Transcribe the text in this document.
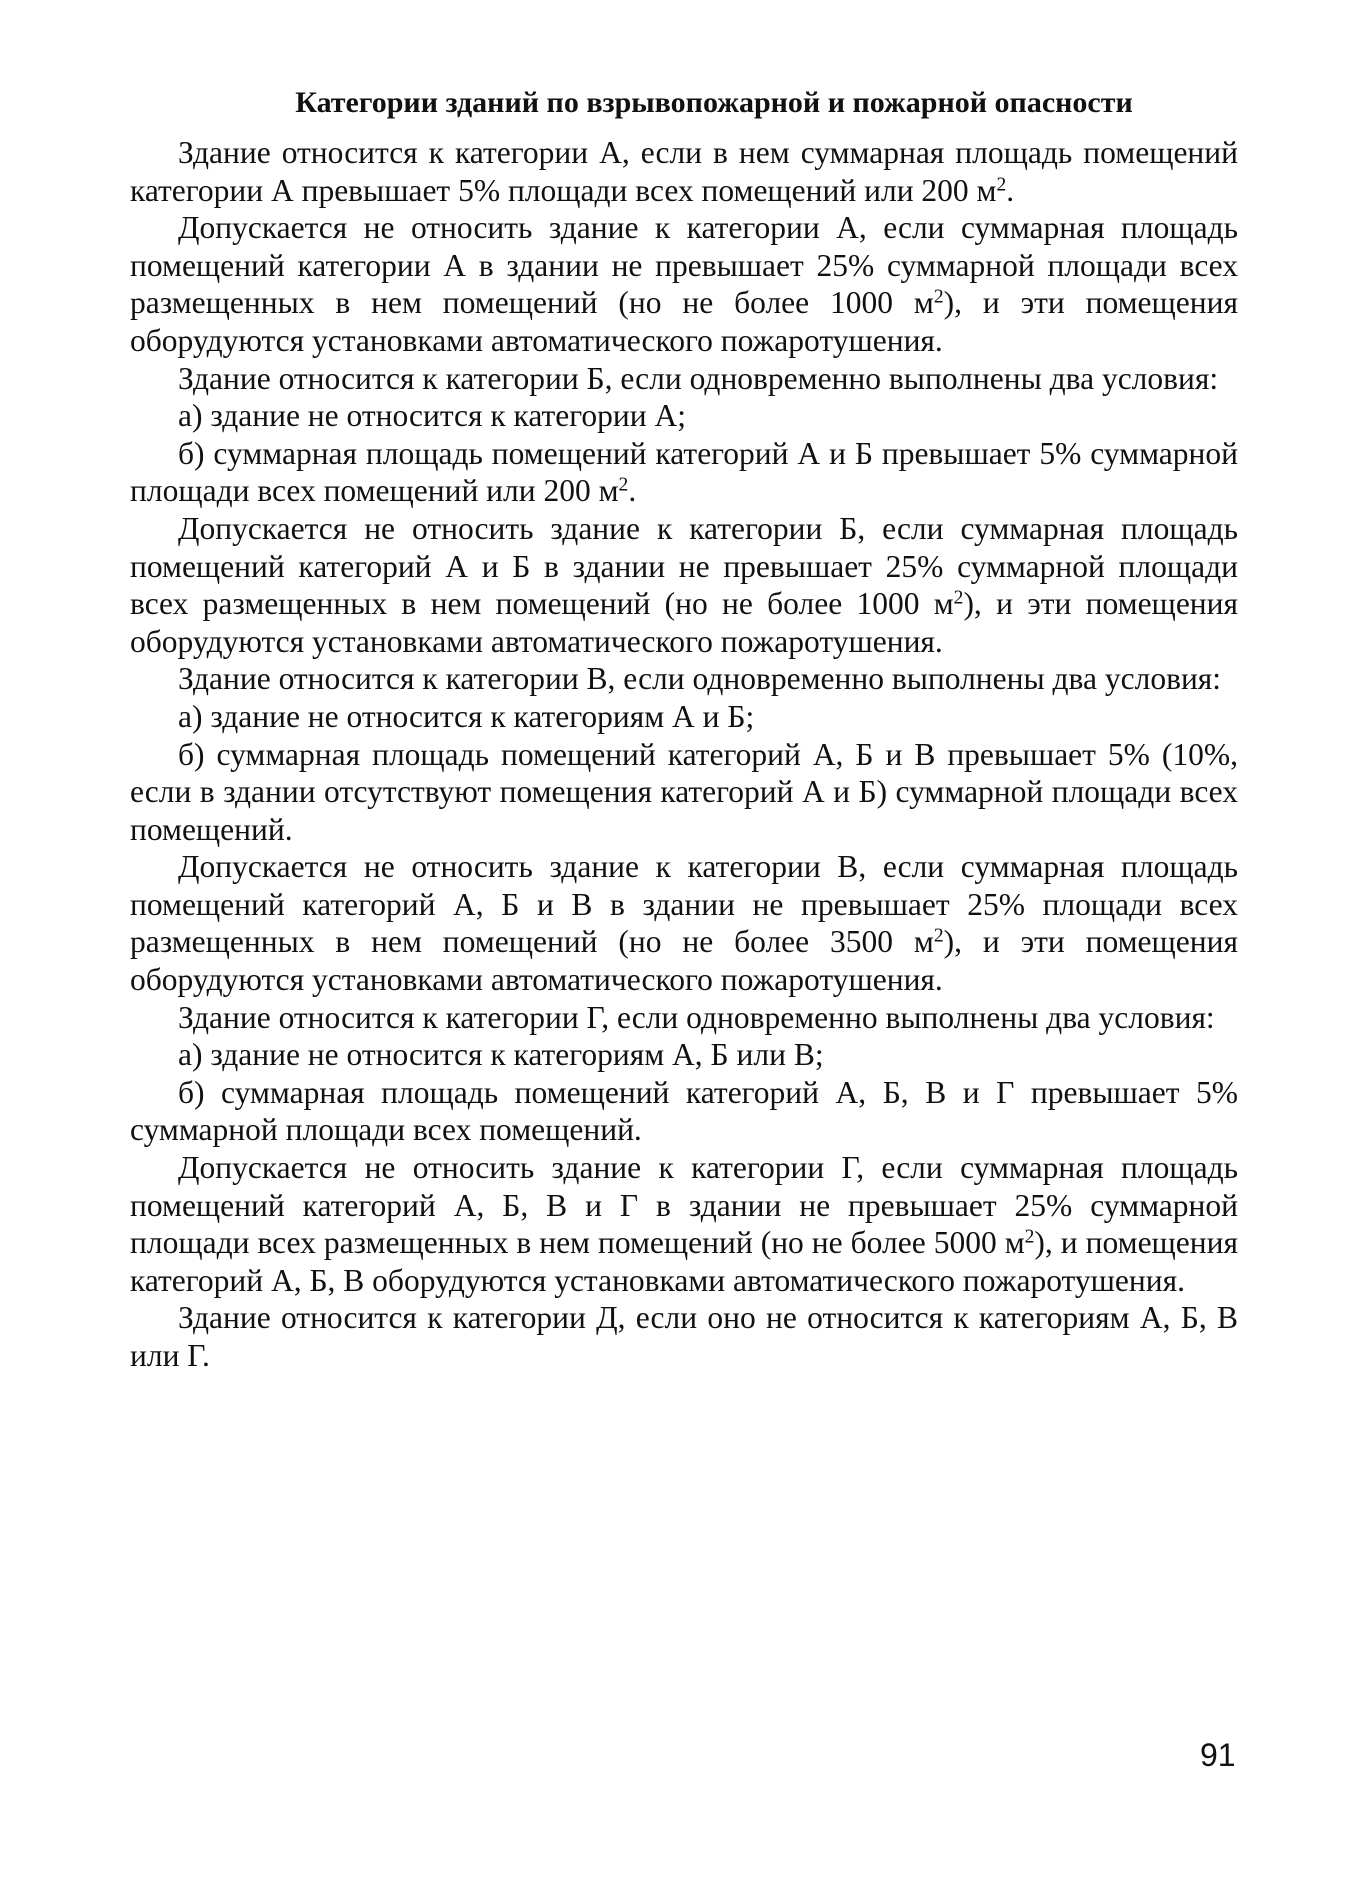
Категории зданий по взрывопожарной и пожарной опасности
Здание относится к категории А, если в нем суммарная площадь помещений категории А превышает 5% площади всех помещений или 200 $м^2$.
Допускается не относить здание к категории А, если суммарная площадь помещений категории А в здании не превышает 25% суммарной площади всех размещенных в нем помещений (но не более 1000 $м^2$), и эти помещения оборудуются установками автоматического пожаротушения.
Здание относится к категории Б, если одновременно выполнены два условия:
а) здание не относится к категории А;
б) суммарная площадь помещений категорий А и Б превышает 5% суммарной площади всех помещений или 200 $м^2$.
Допускается не относить здание к категории Б, если суммарная площадь помещений категорий А и Б в здании не превышает 25% суммарной площади всех размещенных в нем помещений (но не более 1000 $м^2$), и эти помещения оборудуются установками автоматического пожаротушения.
Здание относится к категории В, если одновременно выполнены два условия:
а) здание не относится к категориям А и Б;
б) суммарная площадь помещений категорий А, Б и В превышает 5% (10%, если в здании отсутствуют помещения категорий А и Б) суммарной площади всех помещений.
Допускается не относить здание к категории В, если суммарная площадь помещений категорий А, Б и В в здании не превышает 25% площади всех размещенных в нем помещений (но не более 3500 $м^2$), и эти помещения оборудуются установками автоматического пожаротушения.
Здание относится к категории Г, если одновременно выполнены два условия:
а) здание не относится к категориям А, Б или В;
б) суммарная площадь помещений категорий А, Б, В и Г превышает 5% суммарной площади всех помещений.
Допускается не относить здание к категории Г, если суммарная площадь помещений категорий А, Б, В и Г в здании не превышает 25% суммарной площади всех размещенных в нем помещений (но не более 5000 $м^2$), и помещения категорий А, Б, В оборудуются установками автоматического пожаротушения.
Здание относится к категории Д, если оно не относится к категориям А, Б, В или Г.
91
